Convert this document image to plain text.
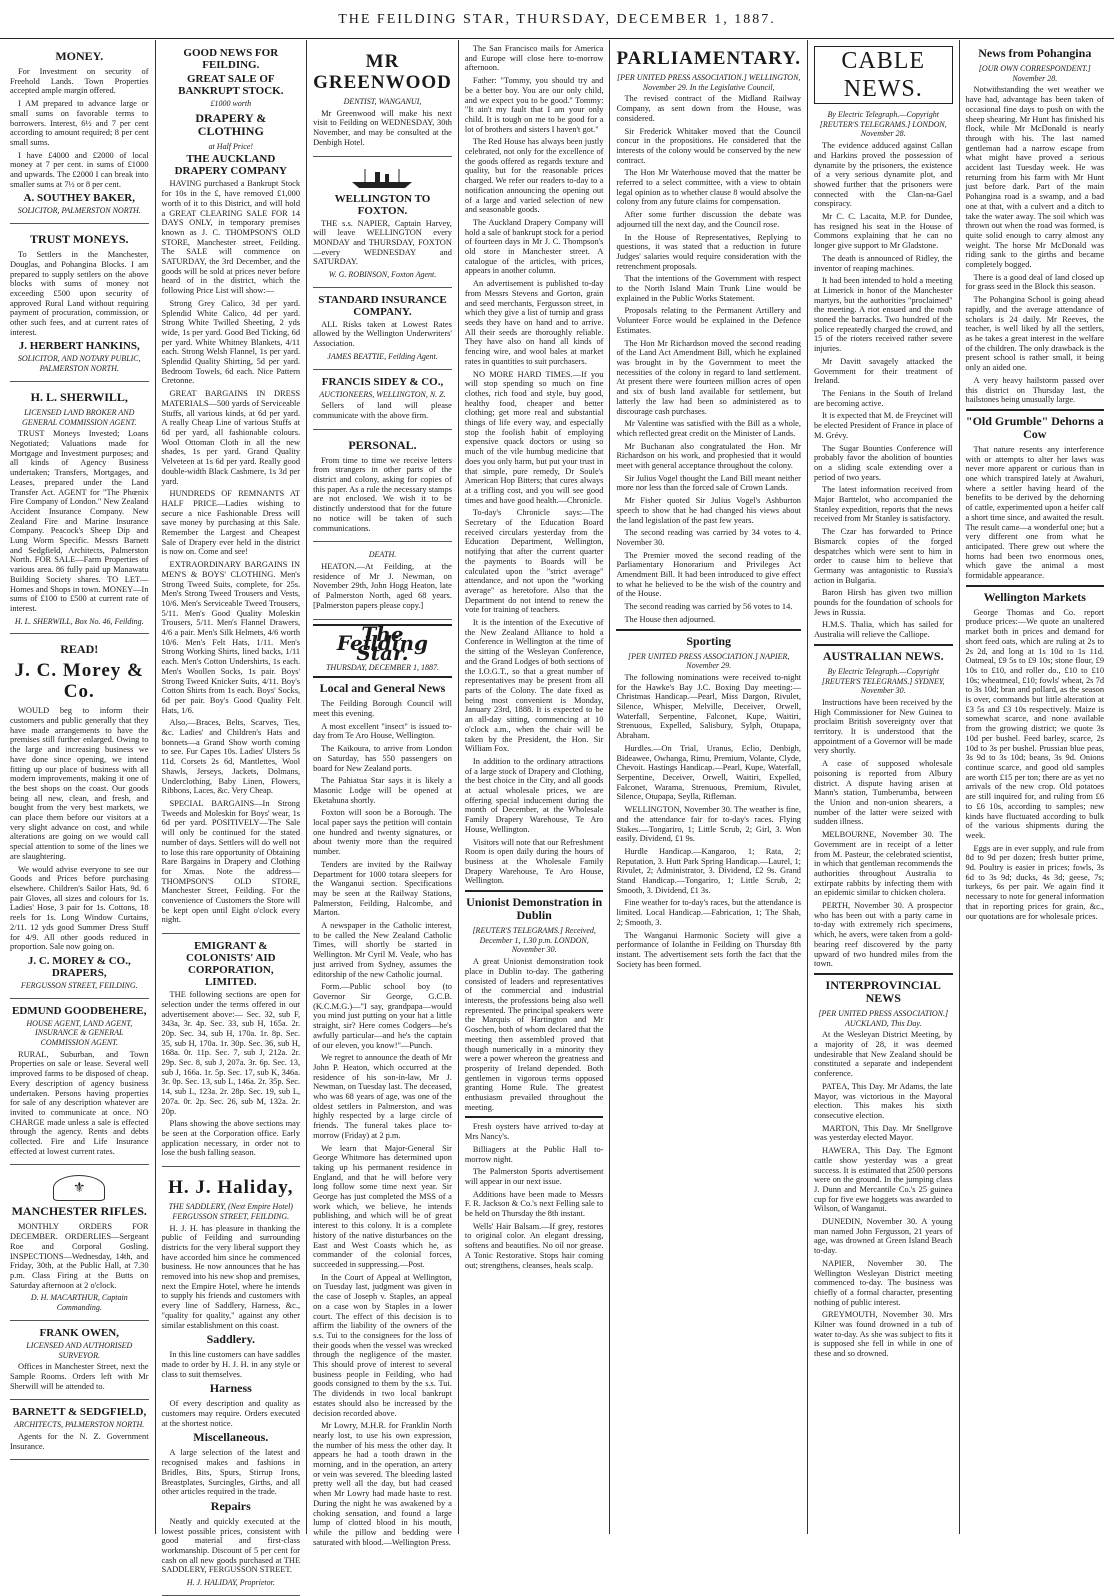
THE FEILDING STAR, THURSDAY, DECEMBER 1, 1887.
MONEY.

For Investment on security of Freehold Lands. Town Properties accepted ample margin offered.

I AM prepared to advance large or small sums on favorable terms to borrowers. Interest, 6½ and 7 per cent according to amount required; 8 per cent small sums.

I have £4000 and £2000 of local money at 7 per cent. in sums of £1000 and upwards. The £2000 I can break into smaller sums at 7½ or 8 per cent.

A. SOUTHEY BAKER,
SOLICITOR, PALMERSTON NORTH.
TRUST MONEYS.

To Settlers in the Manchester, Douglas, and Pohangina Blocks. I am prepared to supply settlers on the above blocks with sums of money not exceeding £500 upon security of approved Rural Land without requiring payment of procuration, commission, or other such fees, and at current rates of interest.

J. HERBERT HANKINS,
SOLICITOR, AND NOTARY PUBLIC, PALMERSTON NORTH.
H. L. SHERWILL,
LICENSED LAND BROKER AND GENERAL COMMISSION AGENT.

TRUST Moneys Invested; Loans Negotiated; Valuations made for Mortgage and Investment purposes; and all kinds of Agency Business undertaken; Transfers, Mortgages, and Leases, prepared under the Land Transfer Act. AGENT for "The Phœnix Fire Company of London." New Zealand Accident Insurance Company. New Zealand Fire and Marine Insurance Company. Peacock's Sheep Dip and Lung Worm Specific. Messrs Barnett and Sedgfield, Architects, Palmerston North. FOR SALE—Farm Properties of various area. 86 fully paid up Manawatu Building Society shares. TO LET—Homes and Shops in town. MONEY—In sums of £100 to £500 at current rate of interest.

H. L. SHERWILL, Box No. 46, Feilding.
READ!
J. C. Morey & Co.

WOULD beg to inform their customers and public generally that they have made arrangements to have the premises still further enlarged. Owing to the large and increasing business we have done since opening, we intend fitting up our place of business with all modern improvements, making it one of the best shops on the coast. Our goods being all new, clean, and fresh, and bought from the very best markets, we can place them before our visitors at a very slight advance on cost, and while alterations are going on we would call special attention to some of the lines we are slaughtering.

We would advise everyone to see our Goods and Prices before purchasing elsewhere. Children's Sailor Hats, 9d. 6 pair Gloves, all sizes and colours for 1s. Ladies' Hose, 3 pair for 1s. Cottons, 18 reels for 1s. Long Window Curtains, 2/11. 12 yds good Summer Dress Stuff for 4/9. All other goods reduced in proportion. Sale now going on.

J. C. MOREY & CO., DRAPERS,
FERGUSSON STREET, FEILDING.
EDMUND GOODBEHERE,
HOUSE AGENT, LAND AGENT, INSURANCE & GENERAL COMMISSION AGENT.

RURAL, Suburban, and Town Properties on sale or lease. Several well improved farms to be disposed of cheap. Every description of agency business undertaken. Persons having properties for sale of any description whatever are invited to communicate at once. NO CHARGE made unless a sale is effected through the agency. Rents and debts collected. Fire and Life Insurance effected at lowest current rates.

⚜
MANCHESTER RIFLES.

MONTHLY ORDERS FOR DECEMBER. ORDERLIES—Sergeant Roe and Corporal Gosling. INSPECTIONS—Wednesday, 14th, and Friday, 30th, at the Public Hall, at 7.30 p.m. Class Firing at the Butts on Saturday afternoon at 2 o'clock.

D. H. MACARTHUR, Captain Commanding.
FRANK OWEN,
LICENSED AND AUTHORISED SURVEYOR.

Offices in Manchester Street, next the Sample Rooms. Orders left with Mr Sherwill will be attended to.

BARNETT & SEDGFIELD,
ARCHITECTS, PALMERSTON NORTH.

Agents for the N. Z. Government Insurance.

GOOD NEWS FOR FEILDING.
GREAT SALE OF BANKRUPT STOCK.
£1000 worth
DRAPERY & CLOTHING
at Half Price!
THE AUCKLAND DRAPERY COMPANY

HAVING purchased a Bankrupt Stock for 10s in the £, have removed £1,000 worth of it to this District, and will hold a GREAT CLEARING SALE FOR 14 DAYS ONLY, in temporary premises known as J. C. THOMPSON'S OLD STORE, Manchester street, Feilding. The SALE will commence on SATURDAY, the 3rd December, and the goods will be sold at prices never before heard of in the district, which the following Price List will show:—

Strong Grey Calico, 3d per yard. Splendid White Calico, 4d per yard. Strong White Twilled Sheeting, 2 yds wide, 1s per yard. Good Bed Ticking, 6d per yard. White Whitney Blankets, 4/11 each. Strong Welsh Flannel, 1s per yard. Splendid Quality Shirting, 5d per yard. Bedroom Towels, 6d each. Nice Pattern Cretonne.

GREAT BARGAINS IN DRESS MATERIALS—500 yards of Serviceable Stuffs, all various kinds, at 6d per yard. A really Cheap Line of various Stuffs at 6d per yard, all fashionable colours. Wool Ottoman Cloth in all the new shades, 1s per yard. Grand Quality Velveteen at 1s 6d per yard. Really good double-width Black Cashmere, 1s 3d per yard.

HUNDREDS OF REMNANTS AT HALF PRICE—Ladies wishing to secure a nice Fashionable Dress will save money by purchasing at this Sale. Remember the Largest and Cheapest Sale of Drapery ever held in the district is now on. Come and see!

EXTRAORDINARY BARGAINS IN MEN'S & BOYS' CLOTHING. Men's Strong Tweed Suits, complete, for 25s. Men's Strong Tweed Trousers and Vests, 10/6. Men's Serviceable Tweed Trousers, 5/11. Men's Good Quality Moleskin Trousers, 5/11. Men's Flannel Drawers, 4/6 a pair. Men's Silk Helmets, 4/6 worth 10/6. Men's Felt Hats, 1/11. Men's Strong Working Shirts, lined backs, 1/11 each. Men's Cotton Undershirts, 1s each. Men's Woollen Socks, 1s pair. Boys' Strong Tweed Knicker Suits, 4/11. Boy's Cotton Shirts from 1s each. Boys' Socks, 6d per pair. Boy's Good Quality Felt Hats, 1/6.

Also,—Braces, Belts, Scarves, Ties, &c. Ladies' and Children's Hats and bonnets—a Grand Show worth coming to see. Fur Capes 10s. Ladies' Ulsters 5s 11d. Corsets 2s 6d, Mantlettes, Wool Shawls, Jerseys, Jackets, Dolmans, Underclothing, Baby Linen, Flowers, Ribbons, Laces, &c. Very Cheap.

SPECIAL BARGAINS—In Strong Tweeds and Moleskin for Boys' wear, 1s 6d per yard. POSITIVELY—The Sale will only be continued for the stated number of days. Settlers will do well not to lose this rare opportunity of Obtaining Rare Bargains in Drapery and Clothing for Xmas. Note the address—THOMPSON'S OLD STORE, Manchester Street, Feilding. For the convenience of Customers the Store will be kept open until Eight o'clock every night.

EMIGRANT & COLONISTS' AID CORPORATION, LIMITED.

THE following sections are open for selection under the terms offered in our advertisement above:— Sec. 32, sub F, 343a, 3r. 4p. Sec. 33, sub H, 165a. 2r. 20p. Sec. 34, sub H, 170a. 1r. 8p. Sec. 35, sub H, 170a. 1r. 30p. Sec. 36, sub H, 168a. 0r. 11p. Sec. 7, sub J, 212a. 2r. 29p. Sec. 8, sub J, 207a. 3r. 6p. Sec. 13, sub J, 166a. 1r. 5p. Sec. 17, sub K, 346a. 3r. 0p. Sec. 13, sub L, 146a. 2r. 35p. Sec. 14, sub L, 123a. 2r. 28p. Sec. 19, sub L, 207a. 0r. 2p. Sec. 26, sub M, 132a. 2r. 20p.

Plans showing the above sections may be seen at the Corporation office. Early application necessary, in order not to lose the bush falling season.

H. J. Haliday,
THE SADDLERY, (Next Empire Hotel) FERGUSSON STREET, FEILDING.

H. J. H. has pleasure in thanking the public of Feilding and surrounding districts for the very liberal support they have accorded him since he commenced business. He now announces that he has removed into his new shop and premises, next the Empire Hotel, where he intends to supply his friends and customers with every line of Saddlery, Harness, &c., "quality for quality," against any other similar establishment on this coast.

Saddlery.

In this line customers can have saddles made to order by H. J. H. in any style or class to suit themselves.

Harness

Of every description and quality as customers may require. Orders executed at the shortest notice.

Miscellaneous.

A large selection of the latest and recognised makes and fashions in Bridles, Bits, Spurs, Stirrup Irons, Breastplates, Surcingles, Girths, and all other articles required in the trade.

Repairs

Neatly and quickly executed at the lowest possible prices, consistent with good material and first-class workmanship. Discount of 5 per cent for cash on all new goods purchased at THE SADDLERY, FERGUSSON STREET.

H. J. HALIDAY, Proprietor.
MR GREENWOOD
DENTIST, WANGANUI,

Mr Greenwood will make his next visit to Feilding on WEDNESDAY, 30th November, and may be consulted at the Denbigh Hotel.

WELLINGTON TO FOXTON.

THE s.s. NAPIER, Captain Harvey, will leave WELLINGTON every MONDAY and THURSDAY, FOXTON—every WEDNESDAY and SATURDAY.

W. G. ROBINSON, Foxton Agent.
STANDARD INSURANCE COMPANY.

ALL Risks taken at Lowest Rates allowed by the Wellington Underwriters' Association.

JAMES BEATTIE, Feilding Agent.
FRANCIS SIDEY & CO.,
AUCTIONEERS, WELLINGTON, N. Z.

Sellers of land will please communicate with the above firm.

PERSONAL.

From time to time we receive letters from strangers in other parts of the district and colony, asking for copies of this paper. As a rule the necessary stamps are not enclosed. We wish it to be distinctly understood that for the future no notice will be taken of such communications.

DEATH.

HEATON.—At Feilding, at the residence of Mr J. Newman, on November 29th, John Hogg Heaton, late of Palmerston North, aged 68 years. [Palmerston papers please copy.]

The Feilding Star.
THURSDAY, DECEMBER 1, 1887.
Local and General News

The Feilding Borough Council will meet this evening.

A most excellent "insect" is issued to-day from Te Aro House, Wellington.

The Kaikoura, to arrive from London on Saturday, has 550 passengers on board for New Zealand ports.

The Pahiatua Star says it is likely a Masonic Lodge will be opened at Eketahuna shortly.

Foxton will soon be a Borough. The local paper says the petition will contain one hundred and twenty signatures, or about twenty more than the required number.

Tenders are invited by the Railway Department for 1000 totara sleepers for the Wanganui section. Specifications may be seen at the Railway Stations, Palmerston, Feilding, Halcombe, and Marton.

A newspaper in the Catholic interest, to be called the New Zealand Catholic Times, will shortly be started in Wellington. Mr Cyril M. Veale, who has just arrived from Sydney, assumes the editorship of the new Catholic journal.

Form.—Public school boy (to Governor Sir George, G.C.B. (K.C.M.G.)—"I say, grandpapa—would you mind just putting on your hat a little straight, sir? Here comes Codgers—he's awfully particular—and he's the captain of our eleven, you know!"—Punch.

We regret to announce the death of Mr John P. Heaton, which occurred at the residence of his son-in-law, Mr J. Newman, on Tuesday last. The deceased, who was 68 years of age, was one of the oldest settlers in Palmerston, and was highly respected by a large circle of friends. The funeral takes place to-morrow (Friday) at 2 p.m.

We learn that Major-General Sir George Whitmore has determined upon taking up his permanent residence in England, and that he will before very long follow some time next year. Sir George has just completed the MSS of a work which, we believe, he intends publishing, and which will be of great interest to this colony. It is a complete history of the native disturbances on the East and West Coasts which he, as commander of the colonial forces, succeeded in suppressing.—Post.

In the Court of Appeal at Wellington, on Tuesday last, judgment was given in the case of Joseph v. Staples, an appeal on a case won by Staples in a lower court. The effect of this decision is to affirm the liability of the owners of the s.s. Tui to the consignees for the loss of their goods when the vessel was wrecked through the negligence of the master. This should prove of interest to several business people in Feilding, who had goods consigned to them by the s.s. Tui. The dividends in two local bankrupt estates should also be increased by the decision recorded above.

Mr Lowry, M.H.R. for Franklin North nearly lost, to use his own expression, the number of his mess the other day. It appears he had a tooth drawn in the morning, and in the operation, an artery or vein was severed. The bleeding lasted pretty well all the day, but had ceased when Mr Lowry had made haste to rest. During the night he was awakened by a choking sensation, and found a large lump of clotted blood in his mouth, while the pillow and bedding were saturated with blood.—Wellington Press.

The San Francisco mails for America and Europe will close here to-morrow afternoon.

Father: "Tommy, you should try and be a better boy. You are our only child, and we expect you to be good." Tommy: "It ain't my fault that I am your only child. It is tough on me to be good for a lot of brothers and sisters I haven't got."

The Red House has always been justly celebrated, not only for the excellence of the goods offered as regards texture and quality, but for the reasonable prices charged. We refer our readers to-day to a notification announcing the opening out of a large and varied selection of new and seasonable goods.

The Auckland Drapery Company will hold a sale of bankrupt stock for a period of fourteen days in Mr J. C. Thompson's old store in Manchester street. A catalogue of the articles, with prices, appears in another column.

An advertisement is published to-day from Messrs Stevens and Gorton, grain and seed merchants, Fergusson street, in which they give a list of turnip and grass seeds they have on hand and to arrive. All their seeds are thoroughly reliable. They have also on hand all kinds of fencing wire, and wool bales at market rates in quantities to suit purchasers.

NO MORE HARD TIMES.—If you will stop spending so much on fine clothes, rich food and style, buy good, healthy food, cheaper and better clothing; get more real and substantial things of life every way, and especially stop the foolish habit of employing expensive quack doctors or using so much of the vile humbug medicine that does you only harm, but put your trust in that simple, pure remedy, Dr Soule's American Hop Bitters; that cures always at a trifling cost, and you will see good times and have good health.—Chronicle.

To-day's Chronicle says:—The Secretary of the Education Board received circulars yesterday from the Education Department, Wellington, notifying that after the current quarter the payments to Boards will be calculated upon the "strict average" attendance, and not upon the "working average" as heretofore. Also that the Department do not intend to renew the vote for training of teachers.

It is the intention of the Executive of the New Zealand Alliance to hold a Conference in Wellington at the time of the sitting of the Wesleyan Conference, and the Grand Lodges of both sections of the I.O.G.T., so that a great number of representatives may be present from all parts of the Colony. The date fixed as being most convenient is Monday, January 23rd, 1888. It is expected to be an all-day sitting, commencing at 10 o'clock a.m., when the chair will be taken by the President, the Hon. Sir William Fox.

In addition to the ordinary attractions of a large stock of Drapery and Clothing, the best choice in the City, and all goods at actual wholesale prices, we are offering special inducement during the month of December, at the Wholesale Family Drapery Warehouse, Te Aro House, Wellington.

Visitors will note that our Refreshment Room is open daily during the hours of business at the Wholesale Family Drapery Warehouse, Te Aro House, Wellington.

Unionist Demonstration in Dublin
[REUTER'S TELEGRAMS.] Received, December 1, 1.30 p.m. LONDON, November 30.

A great Unionist demonstration took place in Dublin to-day. The gathering consisted of leaders and representatives of the commercial and industrial interests, the professions being also well represented. The principal speakers were the Marquis of Hartington and Mr Goschen, both of whom declared that the meeting then assembled proved that though numerically in a minority they were a power whereon the greatness and prosperity of Ireland depended. Both gentlemen in vigorous terms opposed granting Home Rule. The greatest enthusiasm prevailed throughout the meeting.

Fresh oysters have arrived to-day at Mrs Nancy's.

Billiagers at the Public Hall to-morrow night.

The Palmerston Sports advertisement will appear in our next issue.

Additions have been made to Messrs F. R. Jackson & Co.'s next Felling sale to be held on Thursday the 8th instant.

Wells' Hair Balsam.—If grey, restores to original color. An elegant dressing, softens and beautifies. No oil nor grease. A Tonic Restorative. Stops hair coming out; strengthens, cleanses, heals scalp.

PARLIAMENTARY.
[PER UNITED PRESS ASSOCIATION.] WELLINGTON, November 29. In the Legislative Council,

The revised contract of the Midland Railway Company, as sent down from the House, was considered.

Sir Frederick Whitaker moved that the Council concur in the propositions. He considered that the interests of the colony would be conserved by the new contract.

The Hon Mr Waterhouse moved that the matter be referred to a select committee, with a view to obtain legal opinion as to whether clause 8 would absolve the colony from any future claims for compensation.

After some further discussion the debate was adjourned till the next day, and the Council rose.

In the House of Representatives, Replying to questions, it was stated that a reduction in future Judges' salaries would require consideration with the retrenchment proposals.

That the intentions of the Government with respect to the North Island Main Trunk Line would be explained in the Public Works Statement.

Proposals relating to the Permanent Artillery and Volunteer Force would be explained in the Defence Estimates.

The Hon Mr Richardson moved the second reading of the Land Act Amendment Bill, which he explained was brought in by the Government to meet the necessities of the colony in regard to land settlement. At present there were fourteen million acres of open and six of bush land available for settlement, but latterly the law had been so administered as to discourage cash purchases.

Mr Valentine was satisfied with the Bill as a whole, which reflected great credit on the Minister of Lands.

Mr Buchanan also congratulated the Hon. Mr Richardson on his work, and prophesied that it would meet with general acceptance throughout the colony.

Sir Julius Vogel thought the Land Bill meant neither more nor less than the forced sale of Crown Lands.

Mr Fisher quoted Sir Julius Vogel's Ashburton speech to show that he had changed his views about the land legislation of the past few years.

The second reading was carried by 34 votes to 4. November 30.

The Premier moved the second reading of the Parliamentary Honorarium and Privileges Act Amendment Bill. It had been introduced to give effect to what he believed to be the wish of the country and of the House.

The second reading was carried by 56 votes to 14.

The House then adjourned.

Sporting
[PER UNITED PRESS ASSOCIATION.] NAPIER, November 29.

The following nominations were received to-night for the Hawke's Bay J.C. Boxing Day meeting:— Christmas Handicap.—Pearl, Miss Dargon, Rivulet, Silence, Whisper, Melville, Deceiver, Orwell, Waterfall, Serpentine, Falconet, Kupe, Waitiri, Strenuous, Expelled, Salisbury, Sylph, Otupapa, Abraham.

Hurdles.—On Trial, Uranus, Eclio, Denbigh, Bideawee, Owhanga, Rimu, Premium, Volante, Clyde, Chevoit. Hastings Handicap.—Pearl, Kupe, Waterfall, Serpentine, Deceiver, Orwell, Waitiri, Expelled, Falconet, Warama, Strenuous, Premium, Rivulet, Silence, Otupapa, Seylla, Rifleman.

WELLINGTON, November 30. The weather is fine, and the attendance fair for to-day's races. Flying Stakes.—Tongariro, 1; Little Scrub, 2; Girl, 3. Won easily. Dividend, £1 9s.

Hurdle Handicap.—Kangaroo, 1; Rata, 2; Reputation, 3. Hutt Park Spring Handicap.—Laurel, 1; Rivulet, 2; Administrator, 3. Dividend, £2 9s. Grand Stand Handicap.—Tongariro, 1; Little Scrub, 2; Smooth, 3. Dividend, £1 3s.

Fine weather for to-day's races, but the attendance is limited. Local Handicap.—Fabrication, 1; The Shah, 2; Smooth, 3.

The Wanganui Harmonic Society will give a performance of Iolanthe in Feilding on Thursday 8th instant. The advertisement sets forth the fact that the Society has been formed.

CABLE NEWS.
By Electric Telegraph.—Copyright [REUTER'S TELEGRAMS.] LONDON, November 28.

The evidence adduced against Callan and Harkins proved the possession of dynamite by the prisoners, the existence of a very serious dynamite plot, and showed further that the prisoners were connected with the Clan-na-Gael conspiracy.

Mr C. C. Lacaita, M.P. for Dundee, has resigned his seat in the House of Commons explaining that he can no longer give support to Mr Gladstone.

The death is announced of Ridley, the inventor of reaping machines.

It had been intended to hold a meeting at Limerick in honor of the Manchester martyrs, but the authorities "proclaimed" the meeting. A riot ensued and the mob stoned the barracks. Two hundred of the police repeatedly charged the crowd, and 15 of the rioters received rather severe injuries.

Mr Davitt savagely attacked the Government for their treatment of Ireland.

The Fenians in the South of Ireland are becoming active.

It is expected that M. de Freycinet will be elected President of France in place of M. Grévy.

The Sugar Bounties Conference will probably favor the abolition of bounties on a sliding scale extending over a period of two years.

The latest information received from Major Barttelot, who accompanied the Stanley expedition, reports that the news received from Mr Stanley is satisfactory.

The Czar has forwarded to Prince Bismarck copies of the forged despatches which were sent to him in order to cause him to believe that Germany was antagonistic to Russia's action in Bulgaria.

Baron Hirsh has given two million pounds for the foundation of schools for Jews in Russia.

H.M.S. Thalia, which has sailed for Australia will relieve the Calliope.

AUSTRALIAN NEWS.
By Electric Telegraph.—Copyright [REUTER'S TELEGRAMS.] SYDNEY, November 30.

Instructions have been received by the High Commissioner for New Guinea to proclaim British sovereignty over that territory. It is understood that the appointment of a Governor will be made very shortly.

A case of supposed wholesale poisoning is reported from Albury district. A dispute having arisen at Mann's station, Tumberumba, between the Union and non-union shearers, a number of the latter were seized with sudden illness.

MELBOURNE, November 30. The Government are in receipt of a letter from M. Pasteur, the celebrated scientist, in which that gentleman recommends the authorities throughout Australia to extirpate rabbits by infecting them with an epidemic similar to chicken cholera.

PERTH, November 30. A prospector who has been out with a party came in to-day with extremely rich specimens, which, he avers, were taken from a gold-bearing reef discovered by the party upward of two hundred miles from the town.

INTERPROVINCIAL NEWS
[PER UNITED PRESS ASSOCIATION.] AUCKLAND, This Day.

At the Wesleyan District Meeting, by a majority of 28, it was deemed undesirable that New Zealand should be constituted a separate and independent conference.

PATEA, This Day. Mr Adams, the late Mayor, was victorious in the Mayoral election. This makes his sixth consecutive election.

MARTON, This Day. Mr Snellgrove was yesterday elected Mayor.

HAWERA, This Day. The Egmont cattle show yesterday was a great success. It is estimated that 2500 persons were on the ground. In the jumping class J. Dunn and Mercantile Co.'s 25 guinea cup for five ewe hoggets was awarded to Wilson, of Wanganui.

DUNEDIN, November 30. A young man named John Fergusson, 21 years of age, was drowned at Green Island Beach to-day.

NAPIER, November 30. The Wellington Wesleyan District meeting commenced to-day. The business was chiefly of a formal character, presenting nothing of public interest.

GREYMOUTH, November 30. Mrs Kilner was found drowned in a tub of water to-day. As she was subject to fits it is supposed she fell in while in one of these and so drowned.

News from Pohangina
[OUR OWN CORRESPONDENT.] November 28.

Notwithstanding the wet weather we have had, advantage has been taken of occasional fine days to push on with the sheep shearing. Mr Hunt has finished his flock, while Mr McDonald is nearly through with his. The last named gentleman had a narrow escape from what might have proved a serious accident last Tuesday week. He was returning from his farm with Mr Hunt just before dark. Part of the main Pohangina road is a swamp, and a bad one at that, with a culvert and a ditch to take the water away. The soil which was thrown out when the road was formed, is quite solid enough to carry almost any weight. The horse Mr McDonald was riding sank to the girths and became completely bogged.

There is a good deal of land closed up for grass seed in the Block this season.

The Pohangina School is going ahead rapidly, and the average attendance of scholars is 24 daily. Mr Reeves, the teacher, is well liked by all the settlers, as he takes a great interest in the welfare of the children. The only drawback is the present school is rather small, it being only an aided one.

A very heavy hailstorm passed over this district on Thursday last, the hailstones being unusually large.

"Old Grumble" Dehorns a Cow

That nature resents any interference with or attempts to alter her laws was never more apparent or curious than in one which transpired lately at Awahuri, where a settler having heard of the benefits to be derived by the dehorning of cattle, experimented upon a heifer calf a short time since, and awaited the result. The result came—a wonderful one; but a very different one from what he anticipated. There grew out where the horns had been two enormous ones, which gave the animal a most formidable appearance.

Wellington Markets

George Thomas and Co. report produce prices:—We quote an unaltered market both in prices and demand for short feed oats, which are ruling at 2s to 2s 2d, and long at 1s 10d to 1s 11d. Oatmeal, £9 5s to £9 10s; stone flour, £9 10s to £10, and roller do., £10 to £10 10s; wheatmeal, £10; fowls' wheat, 2s 7d to 3s 10d; bran and pollard, as the season is over, commands but little alteration at £3 5s and £3 10s respectively. Maize is somewhat scarce, and none available from the growing district; we quote 3s 10d per bushel. Feed barley, scarce, 2s 10d to 3s per bushel. Prussian blue peas, 3s 9d to 3s 10d; beans, 3s 9d. Onions continue scarce, and good old samples are worth £15 per ton; there are as yet no arrivals of the new crop. Old potatoes are still inquired for, and ruling from £6 to £6 10s, according to samples; new kinds have fluctuated according to bulk of the various shipments during the week.

Eggs are in ever supply, and rule from 8d to 9d per dozen; fresh butter prime, 9d. Poultry is easier in prices; fowls, 3s 6d to 3s 9d; ducks, 4s 3d; geese, 7s; turkeys, 6s per pair. We again find it necessary to note for general information that in reporting prices for grain, &c., our quotations are for wholesale prices.
